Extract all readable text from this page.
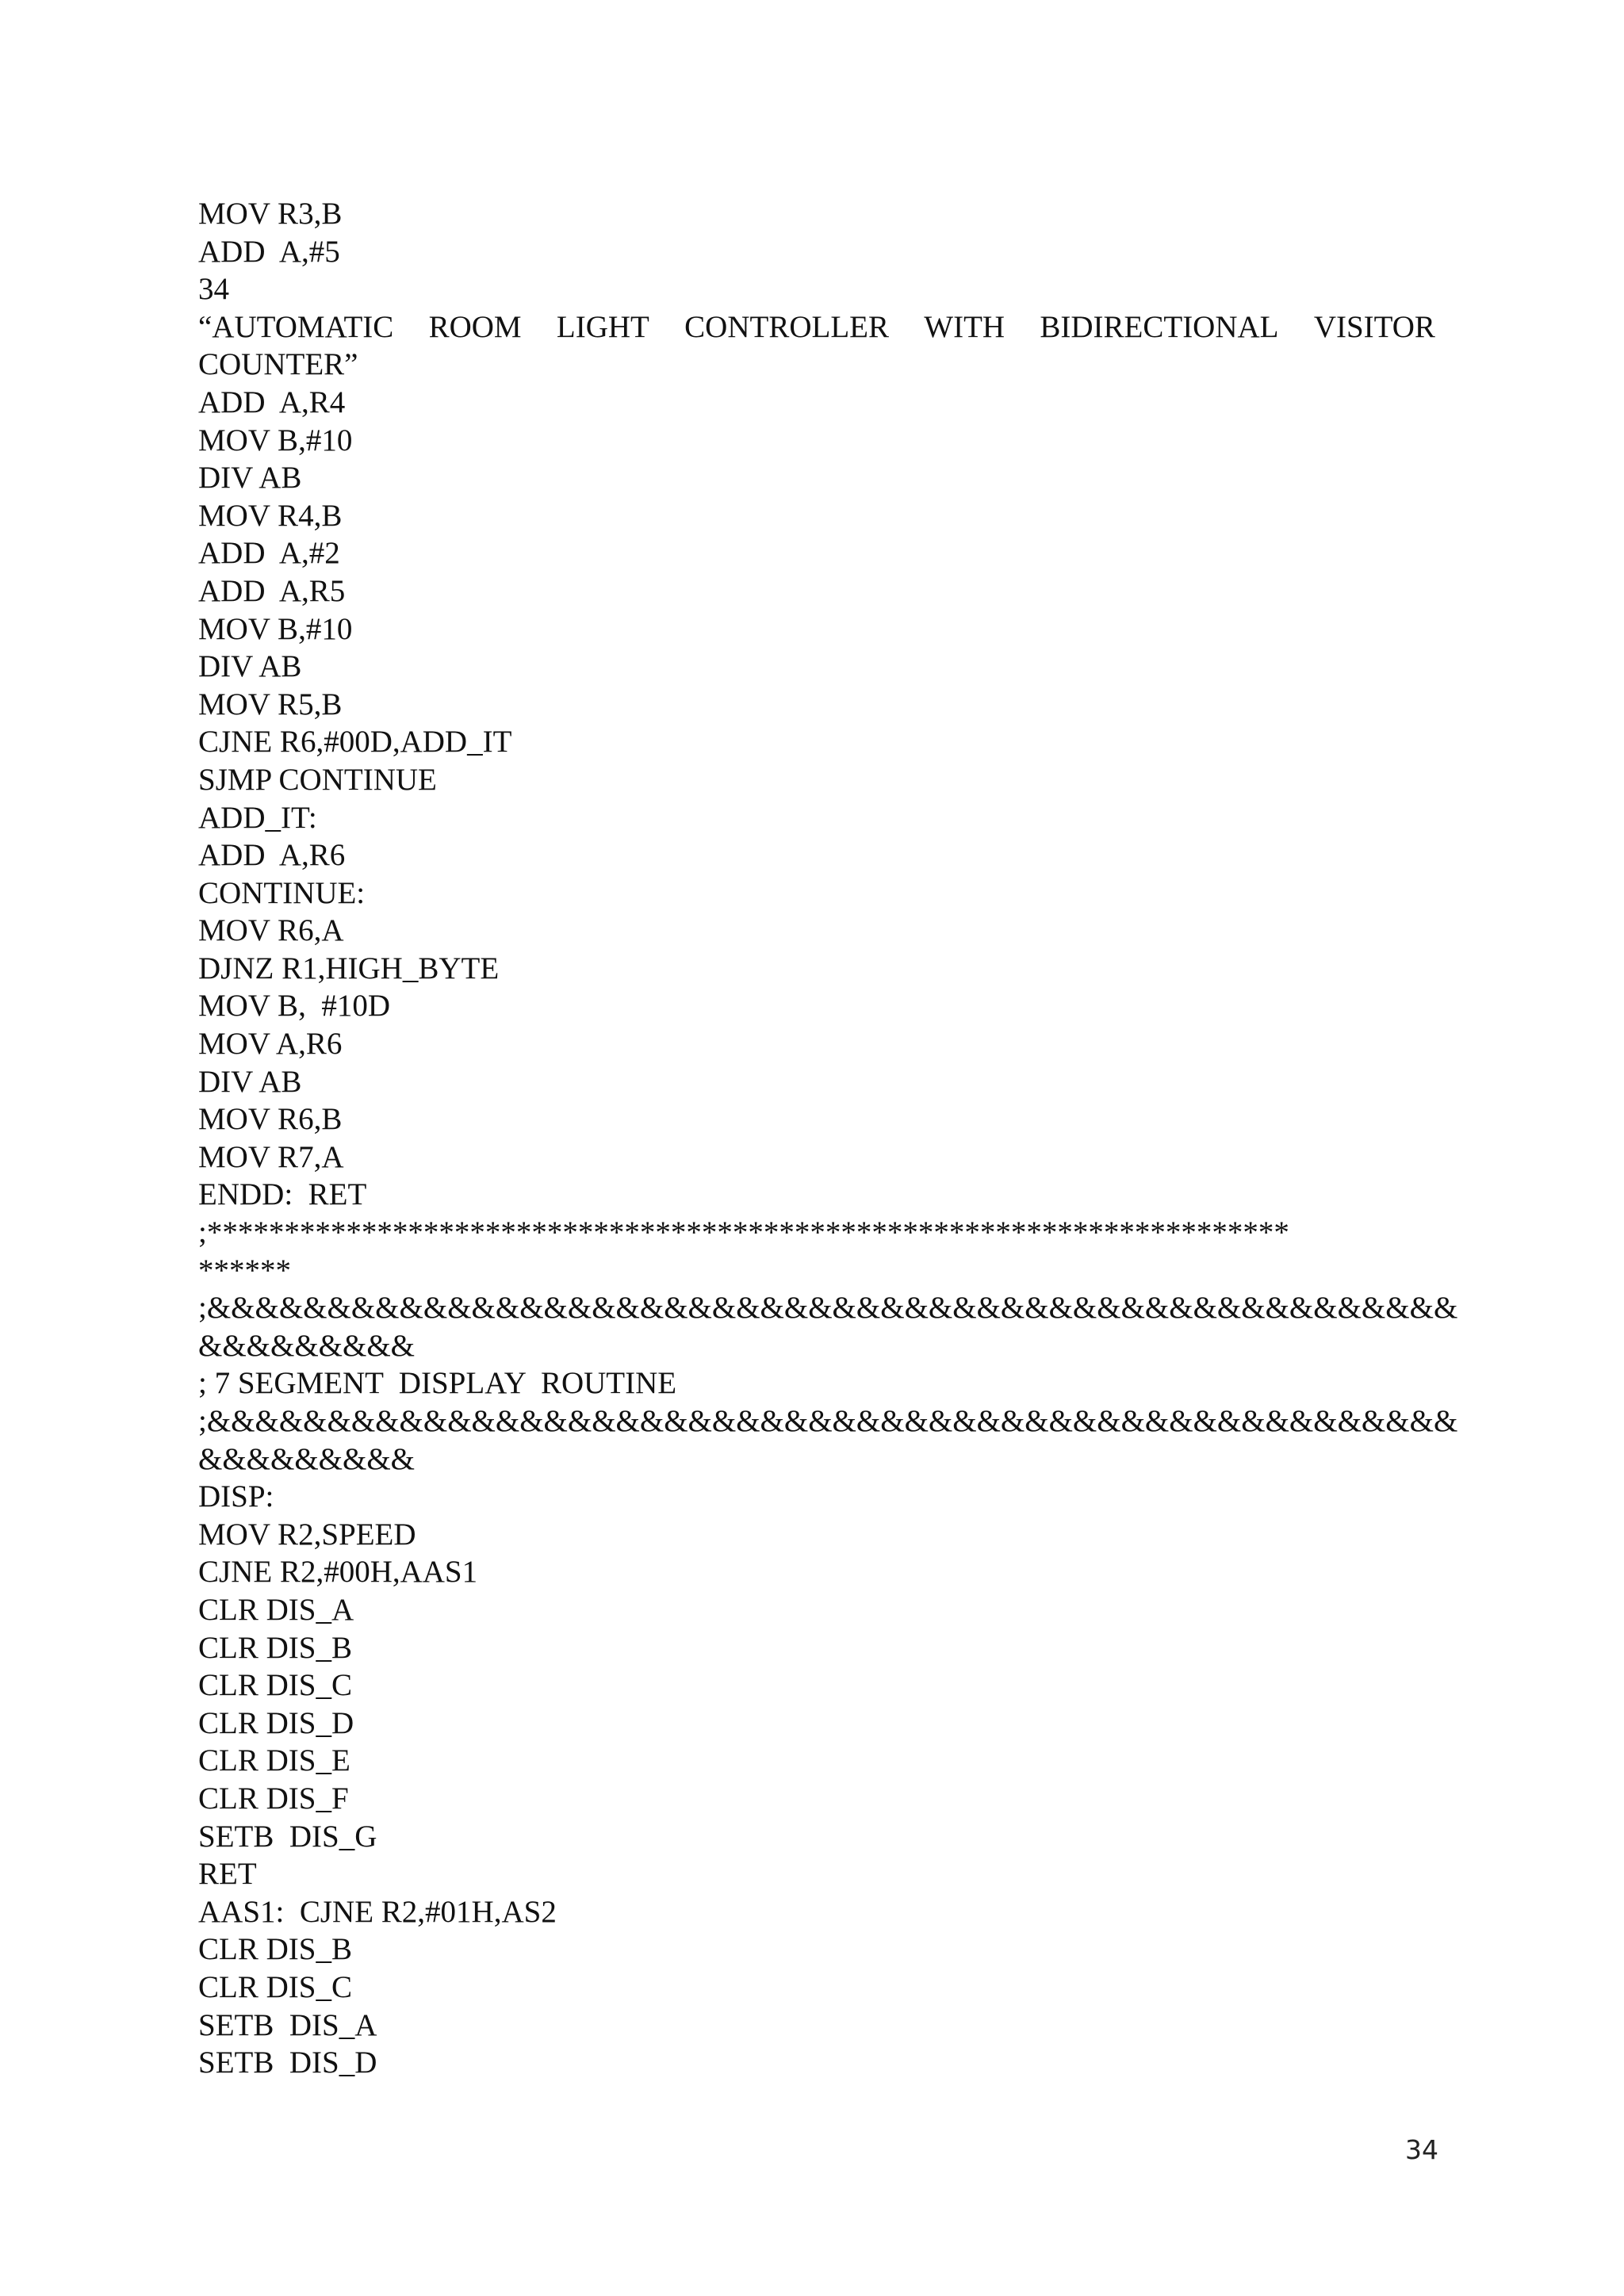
MOV R3,B
ADD  A,#5
34
“AUTOMATIC ROOM LIGHT CONTROLLER WITH BIDIRECTIONAL VISITOR
COUNTER”
ADD  A,R4
MOV B,#10
DIV AB
MOV R4,B
ADD  A,#2
ADD  A,R5
MOV B,#10
DIV AB
MOV R5,B
CJNE R6,#00D,ADD_IT
SJMP CONTINUE
ADD_IT:
ADD  A,R6
CONTINUE:
MOV R6,A
DJNZ R1,HIGH_BYTE
MOV B,  #10D
MOV A,R6
DIV AB
MOV R6,B
MOV R7,A
ENDD:  RET
;**********************************************************************
******
;&&&&&&&&&&&&&&&&&&&&&&&&&&&&&&&&&&&&&&&&&&&&&&&&&&&&
&&&&&&&&&
; 7 SEGMENT  DISPLAY  ROUTINE
;&&&&&&&&&&&&&&&&&&&&&&&&&&&&&&&&&&&&&&&&&&&&&&&&&&&&
&&&&&&&&&
DISP:
MOV R2,SPEED
CJNE R2,#00H,AAS1
CLR DIS_A
CLR DIS_B
CLR DIS_C
CLR DIS_D
CLR DIS_E
CLR DIS_F
SETB  DIS_G
RET
AAS1:  CJNE R2,#01H,AS2
CLR DIS_B
CLR DIS_C
SETB  DIS_A
SETB  DIS_D
34
